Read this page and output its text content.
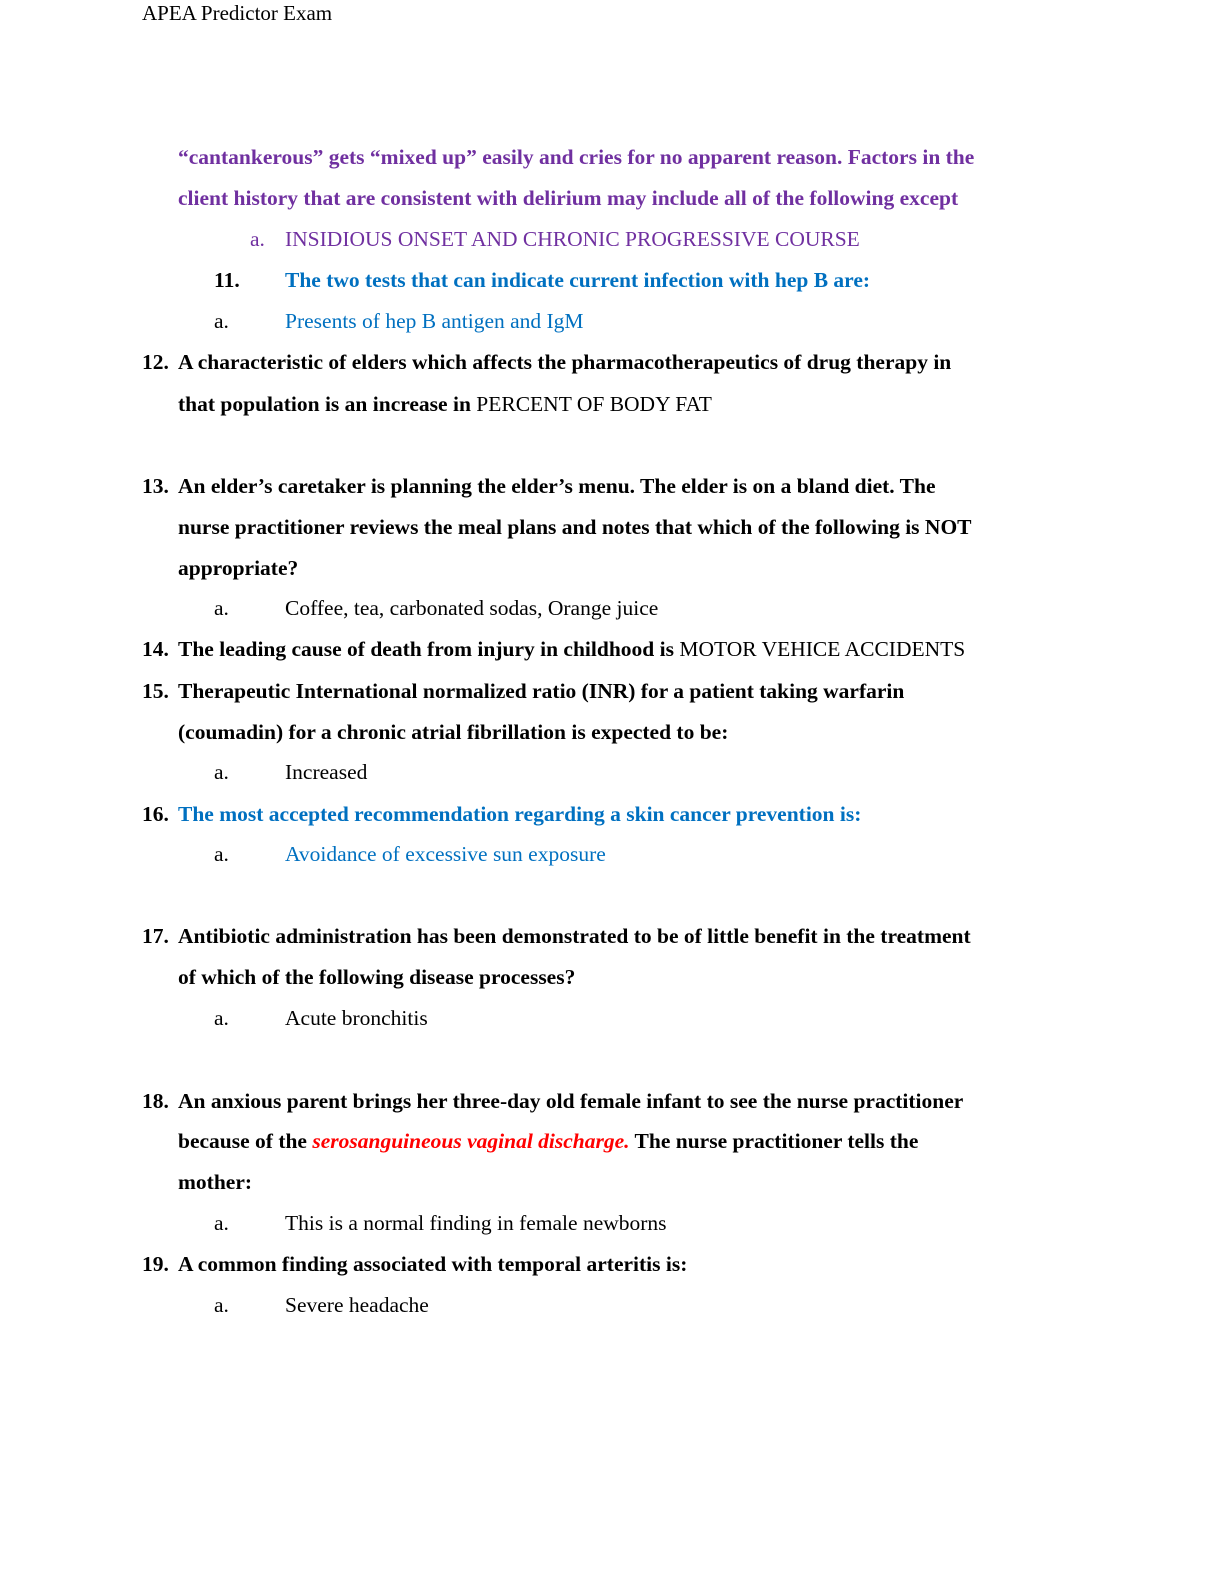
APEA Predictor Exam
“cantankerous” gets “mixed up” easily and cries for no apparent reason. Factors in the
client history that are consistent with delirium may include all of the following except
a. INSIDIOUS ONSET AND CHRONIC PROGRESSIVE COURSE
11. The two tests that can indicate current infection with hep B are:
a.	Presents of hep B antigen and IgM
12. A characteristic of elders which affects the pharmacotherapeutics of drug therapy in
that population is an increase in PERCENT OF BODY FAT
13. An elder’s caretaker is planning the elder’s menu. The elder is on a bland diet. The
nurse practitioner reviews the meal plans and notes that which of the following is NOT
appropriate?
a.	Coffee, tea, carbonated sodas, Orange juice
14. The leading cause of death from injury in childhood is MOTOR VEHICE ACCIDENTS
15. Therapeutic International normalized ratio (INR) for a patient taking warfarin
(coumadin) for a chronic atrial fibrillation is expected to be:
a.	Increased
16. The most accepted recommendation regarding a skin cancer prevention is:
a.	Avoidance of excessive sun exposure
17. Antibiotic administration has been demonstrated to be of little benefit in the treatment
of which of the following disease processes?
a.	Acute bronchitis
18. An anxious parent brings her three-day old female infant to see the nurse practitioner
because of the serosanguineous vaginal discharge. The nurse practitioner tells the
mother:
a.	This is a normal finding in female newborns
19. A common finding associated with temporal arteritis is:
a.	Severe headache
